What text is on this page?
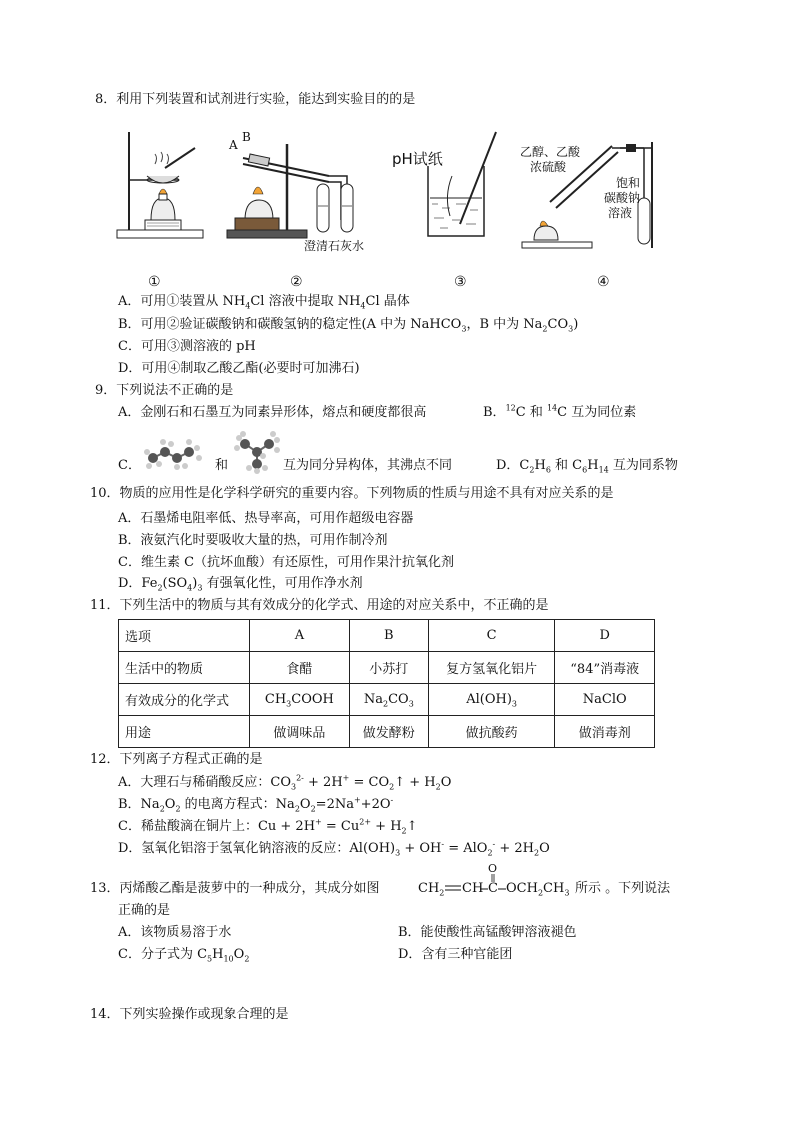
8．利用下列装置和试剂进行实验，能达到实验目的的是
A
B
澄清石灰水
pH试纸	乙醇、乙酸
浓硫酸
饱和
碳酸钠
溶液
①	②	③	④
A．可用①装置从 $NH_4Cl$ 溶液中提取 $NH_4Cl$ 晶体
B．可用②验证碳酸钠和碳酸氢钠的稳定性(A 中为 NaHCO$_3$，B 中为 $Na_2CO_3$)
C．可用③测溶液的 pH
D．可用④制取乙酸乙酯(必要时可加沸石)
9．下列说法不正确的是
A．金刚石和石墨互为同素异形体，熔点和硬度都很高	B．$^{12}$C 和 $^{14}$C 互为同位素
C．	和	互为同分异构体，其沸点不同	D．$C_2H_6$ 和 $C_6H_{14}$ 互为同系物
10．物质的应用性是化学科学研究的重要内容。下列物质的性质与用途不具有对应关系的是
A．石墨烯电阻率低、热导率高，可用作超级电容器
B．液氨汽化时要吸收大量的热，可用作制冷剂
C．维生素 C（抗坏血酸）有还原性，可用作果汁抗氧化剂
D．$Fe_2(SO_4)_3$ 有强氧化性，可用作净水剂
11．下列生活中的物质与其有效成分的化学式、用途的对应关系中，不正确的是
选项	A	B	C	D
生活中的物质	食醋	小苏打	复方氢氧化铝片	“84”消毒液
有效成分的化学式	$CH_3COOH$	$Na_2CO_3$	$Al(OH)_3$	NaClO
用途	做调味品	做发酵粉	做抗酸药	做消毒剂
12．下列离子方程式正确的是
A．大理石与稀硝酸反应：$CO_3^{2-} + 2H^+$ = $CO_2↑ + H_2O$
B．$Na_2O_2$ 的电离方程式：$Na_2O_2=2Na^++2O^-$
C．稀盐酸滴在铜片上：$Cu + 2H^+ = Cu^{2+}$ + $H_2↑$
D．氢氧化铝溶于氢氧化钠溶液的反应：$Al(OH)_3 + OH^- = AlO_2^- + 2H_2O$
13．丙烯酸乙酯是菠萝中的一种成分，其成分如图	$CH_2$ CH C
O
$OCH_2CH_3$ 所示 。下列说法
正确的是
A．该物质易溶于水	B．能使酸性高锰酸钾溶液褪色
C．分子式为 $C_5H_{10}O_2$	D．含有三种官能团
14．下列实验操作或现象合理的是
